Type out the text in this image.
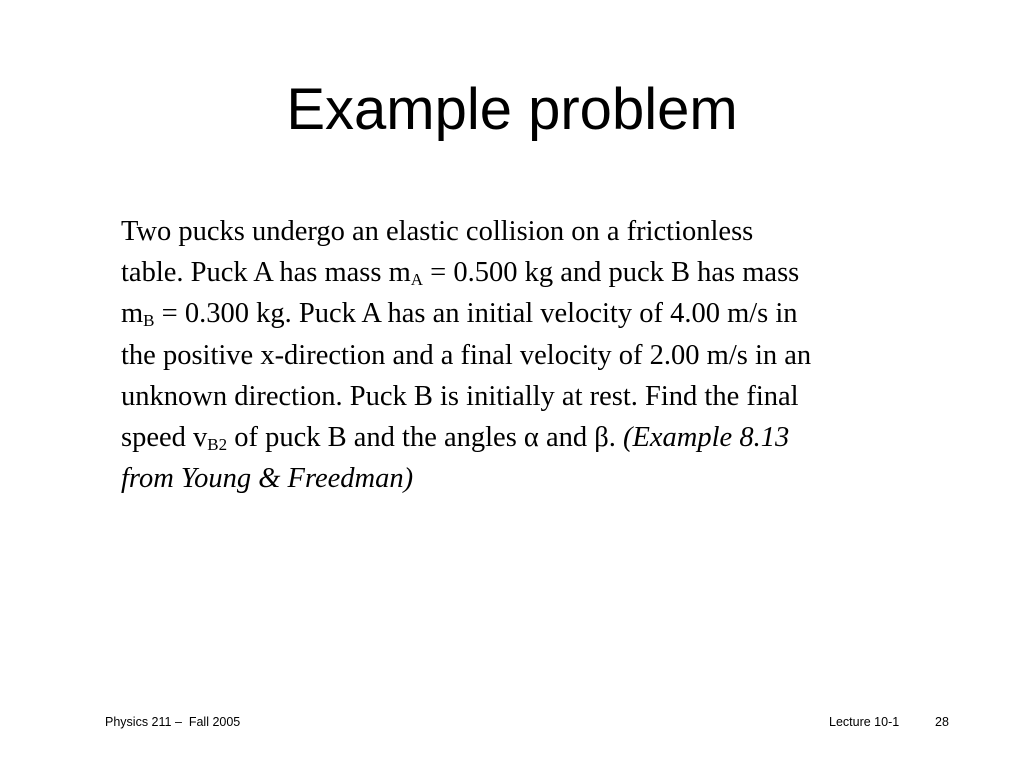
Example problem
Two pucks undergo an elastic collision on a frictionless
table. Puck A has mass $m_A = 0.500$ kg and puck B has mass
$m_B = 0.300$ kg. Puck A has an initial velocity of 4.00 m/s in
the positive x-direction and a final velocity of 2.00 m/s in an
unknown direction. Puck B is initially at rest. Find the final
speed $v_{B2}$ of puck B and the angles α and β. (Example 8.13
from Young & Freedman)
Physics 211 –  Fall 2005	Lecture 10-1	28
